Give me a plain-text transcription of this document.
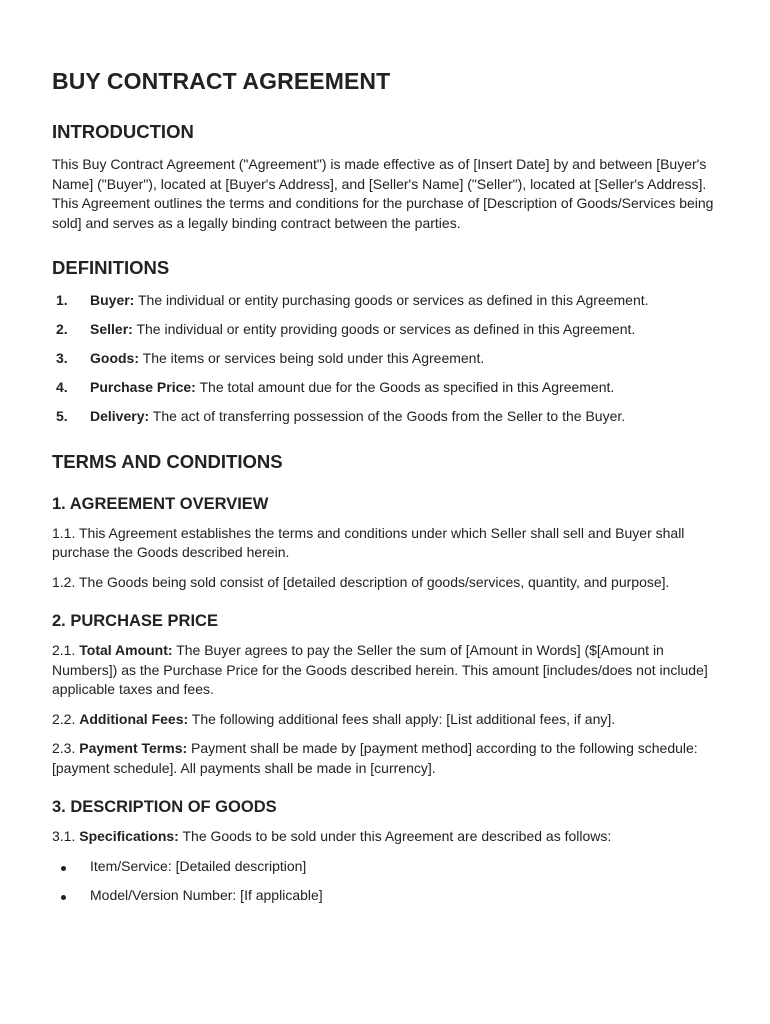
BUY CONTRACT AGREEMENT
INTRODUCTION

This Buy Contract Agreement ("Agreement") is made effective as of [Insert Date] by and between [Buyer's Name] ("Buyer"), located at [Buyer's Address], and [Seller's Name] ("Seller"), located at [Seller's Address]. This Agreement outlines the terms and conditions for the purchase of [Description of Goods/Services being sold] and serves as a legally binding contract between the parties.

DEFINITIONS
1. Buyer: The individual or entity purchasing goods or services as defined in this Agreement.
2. Seller: The individual or entity providing goods or services as defined in this Agreement.
3. Goods: The items or services being sold under this Agreement.
4. Purchase Price: The total amount due for the Goods as specified in this Agreement.
5. Delivery: The act of transferring possession of the Goods from the Seller to the Buyer.
TERMS AND CONDITIONS
1. AGREEMENT OVERVIEW

1.1. This Agreement establishes the terms and conditions under which Seller shall sell and Buyer shall purchase the Goods described herein.

1.2. The Goods being sold consist of [detailed description of goods/services, quantity, and purpose].

2. PURCHASE PRICE

2.1. Total Amount: The Buyer agrees to pay the Seller the sum of [Amount in Words] ($[Amount in Numbers]) as the Purchase Price for the Goods described herein. This amount [includes/does not include] applicable taxes and fees.

2.2. Additional Fees: The following additional fees shall apply: [List additional fees, if any].

2.3. Payment Terms: Payment shall be made by [payment method] according to the following schedule: [payment schedule]. All payments shall be made in [currency].

3. DESCRIPTION OF GOODS

3.1. Specifications: The Goods to be sold under this Agreement are described as follows:

Item/Service: [Detailed description]
Model/Version Number: [If applicable]
